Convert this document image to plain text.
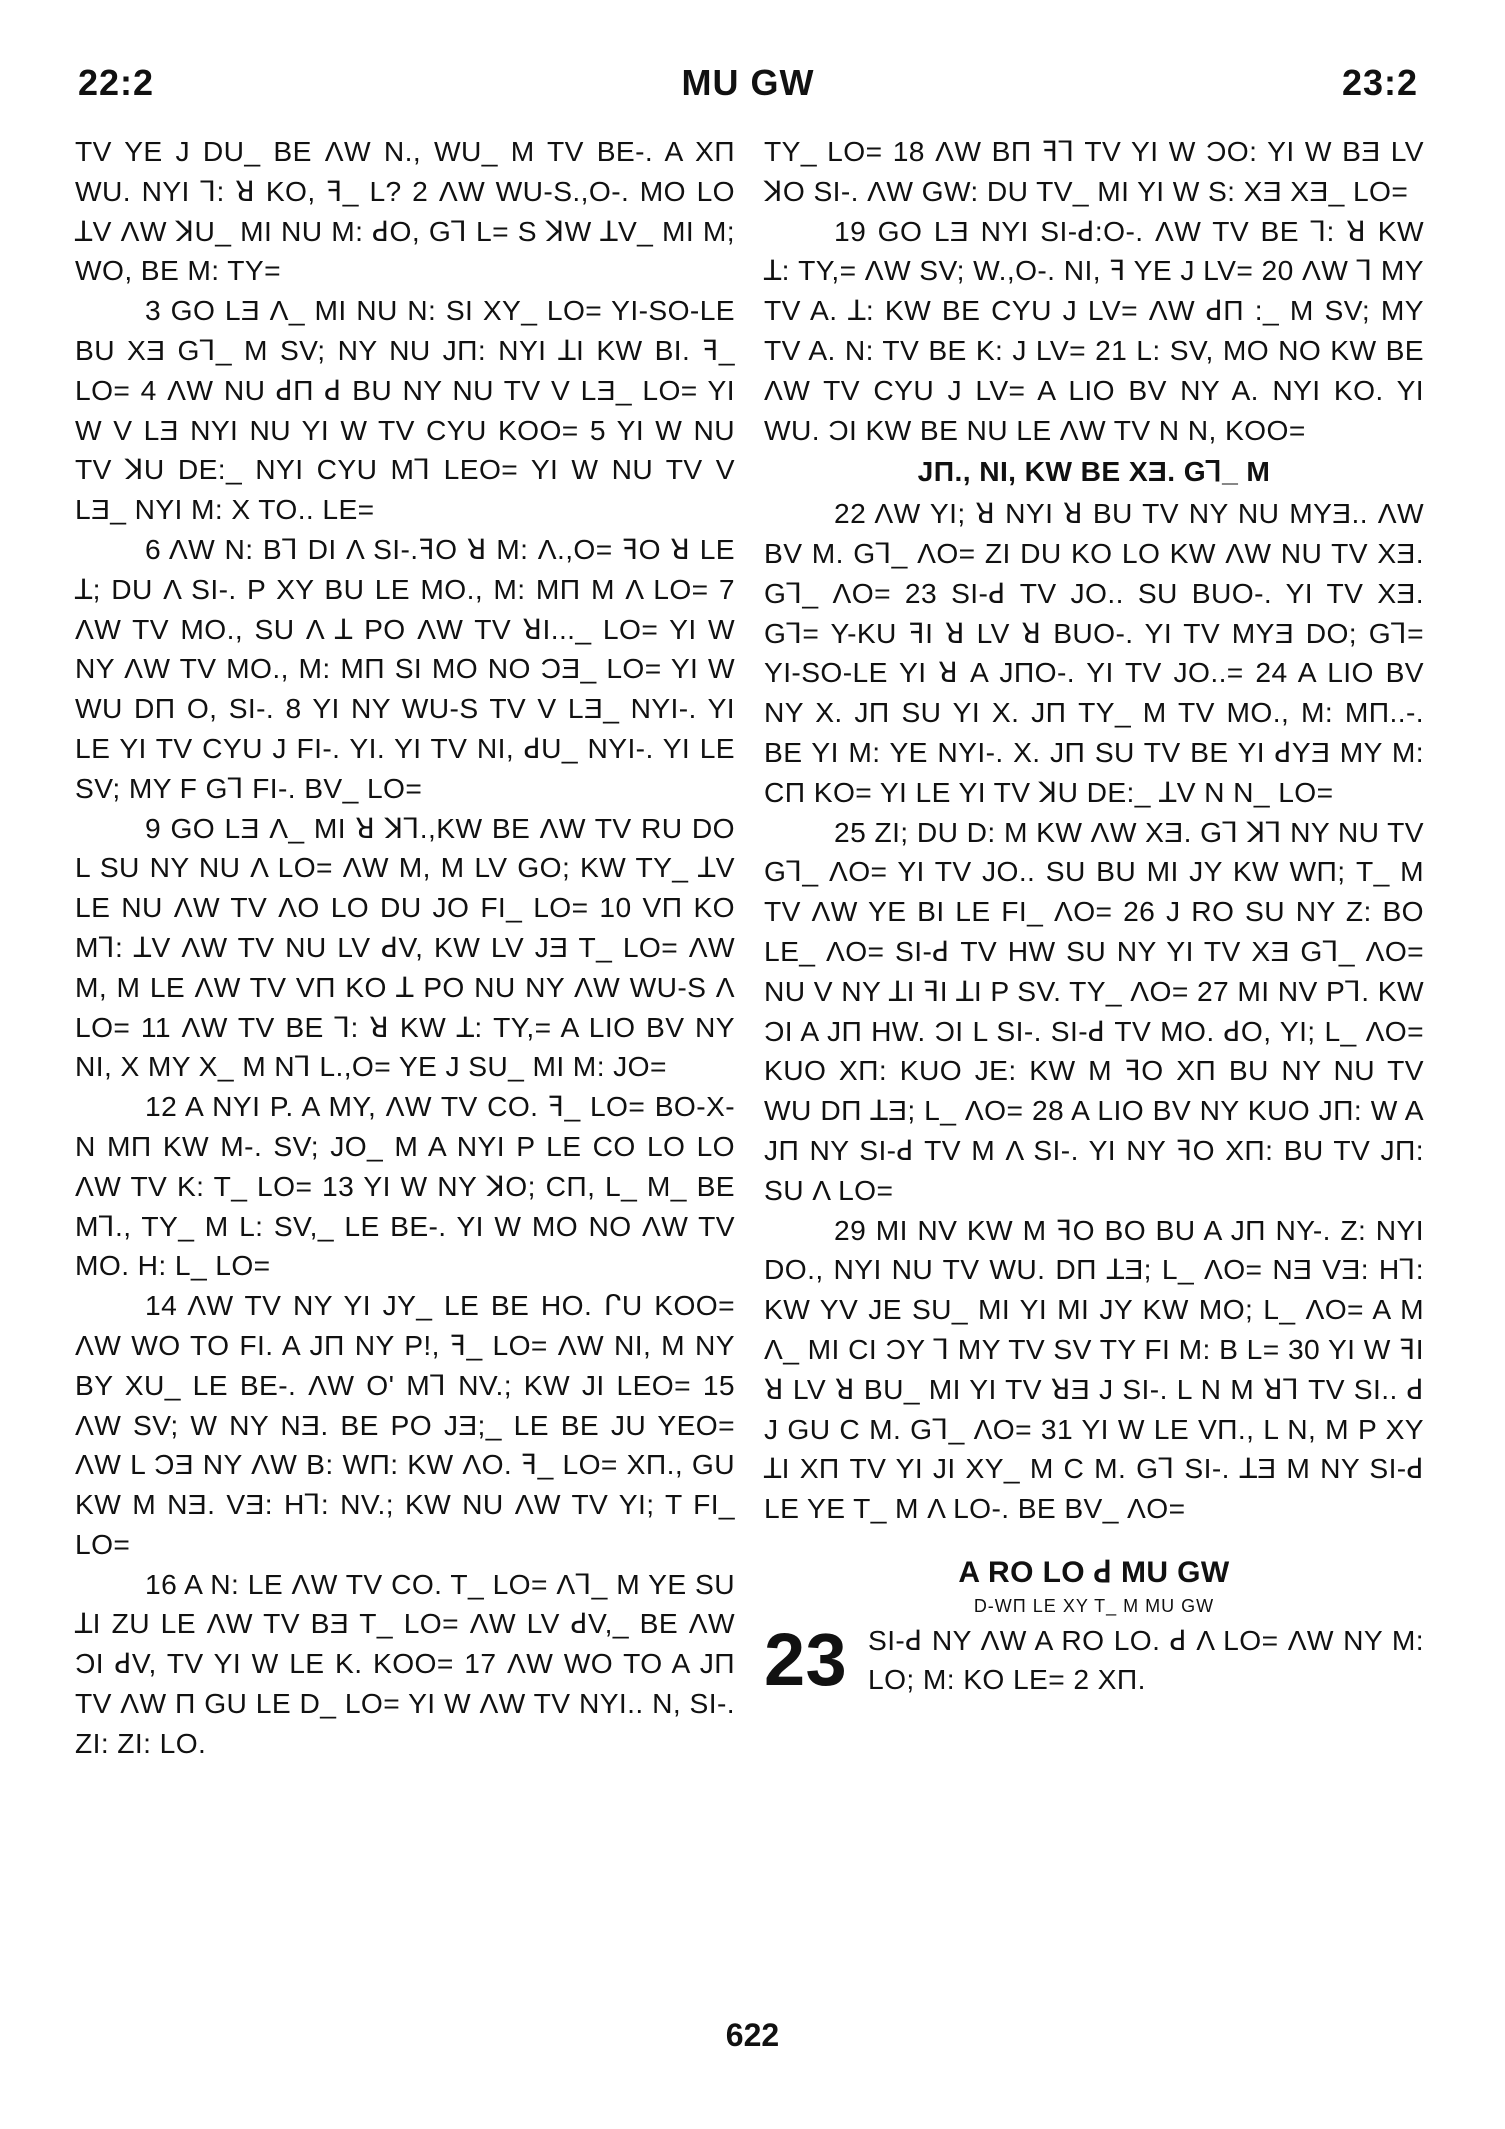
MU GW
22:2	23:2

TV YE J DU_ BE ΛW N., WU_ M TV BE-. A XΠ WU. NYI ⅂: ꓤ KO, ꟻ_ L? 2 ΛW WU-S.,O-. MO LO ꓕV ΛW ꓘU_ MI NU M: ꓒO, G⅂ L= S ꓘW ꓕV_ MI M; WO, BE M: TY=

3 GO LƎ Λ_ MI NU N: SI XY_ LO= YI-SO-LE BU XƎ G⅂_ M SV; NY NU JΠ: NYI ꓕI KW BI. ꟻ_ LO= 4 ΛW NU ꓒΠ ꓒ BU NY NU TV V LƎ_ LO= YI W V LƎ NYI NU YI W TV CYU KOO= 5 YI W NU TV ꓘU DE:_ NYI CYU M⅂ LEO= YI W NU TV V LƎ_ NYI M: X TO.. LE=

6 ΛW N: B⅂ DI Λ SI-.ꟻO ꓤ M: Λ.,O= ꟻO ꓤ LE ꓕ; DU Λ SI-. P XY BU LE MO., M: MΠ M Λ LO= 7 ΛW TV MO., SU Λ ꓕ PO ΛW TV ꓤI..._ LO= YI W NY ΛW TV MO., M: MΠ SI MO NO ƆƎ_ LO= YI W WU DΠ O, SI-. 8 YI NY WU-S TV V LƎ_ NYI-. YI LE YI TV CYU J FI-. YI. YI TV NI, ꓒU_ NYI-. YI LE SV; MY F G⅂ FI-. BV_ LO=

9 GO LƎ Λ_ MI ꓤ ꓘ⅂.,KW BE ΛW TV RU DO L SU NY NU Λ LO= ΛW M, M LV GO; KW TY_ ꓕV LE NU ΛW TV ΛO LO DU JO FI_ LO= 10 VΠ KO M⅂: ꓕV ΛW TV NU LV ꓒV, KW LV JƎ T_ LO= ΛW M, M LE ΛW TV VΠ KO ꓕ PO NU NY ΛW WU-S Λ LO= 11 ΛW TV BE ⅂: ꓤ KW ꓕ: TY,= A LIO BV NY NI, X MY X_ M N⅂ L.,O= YE J SU_ MI M: JO=

12 A NYI P. A MY, ΛW TV CO. ꟻ_ LO= BO-X-N MΠ KW M-. SV; JO_ M A NYI P LE CO LO LO ΛW TV K: T_ LO= 13 YI W NY ꓘO; CΠ, L_ M_ BE M⅂., TY_ M L: SV,_ LE BE-. YI W MO NO ΛW TV MO. H: L_ LO=

14 ΛW TV NY YI JY_ LE BE HO. ᒋU KOO= ΛW WO TO FI. A JΠ NY P!, ꟻ_ LO= ΛW NI, M NY BY XU_ LE BE-. ΛW O' M⅂ NV.; KW JI LEO= 15 ΛW SV; W NY NƎ. BE PO JƎ;_ LE BE JU YEO= ΛW L ƆƎ NY ΛW B: WΠ: KW ΛO. ꟻ_ LO= XΠ., GU KW M NƎ. VƎ: H⅂: NV.; KW NU ΛW TV YI; T FI_ LO=

16 A N: LE ΛW TV CO. T_ LO= Λ⅂_ M YE SU ꓕI ZU LE ΛW TV BƎ T_ LO= ΛW LV ꓒV,_ BE ΛW ƆI ꓒV, TV YI W LE K. KOO= 17 ΛW WO TO A JΠ TV ΛW Π GU LE D_ LO= YI W ΛW TV NYI.. N, SI-. ZI: ZI: LO.

TY_ LO= 18 ΛW BΠ ꟻ⅂ TV YI W ƆO: YI W BƎ LV ꓘO SI-. ΛW GW: DU TV_ MI YI W S: XƎ XƎ_ LO=

19 GO LƎ NYI SI-ꓒ:O-. ΛW TV BE ⅂: ꓤ KW ꓕ: TY,= ΛW SV; W.,O-. NI, ꟻ YE J LV= 20 ΛW ⅂ MY TV A. ꓕ: KW BE CYU J LV= ΛW ꓒΠ :_ M SV; MY TV A. N: TV BE K: J LV= 21 L: SV, MO NO KW BE ΛW TV CYU J LV= A LIO BV NY A. NYI KO. YI WU. ƆI KW BE NU LE ΛW TV N N, KOO=

JΠ., NI, KW BE XƎ. G⅂_ M

22 ΛW YI; ꓤ NYI ꓤ BU TV NY NU MYƎ.. ΛW BV M. G⅂_ ΛO= ZI DU KO LO KW ΛW NU TV XƎ. G⅂_ ΛO= 23 SI-ꓒ TV JO.. SU BUO-. YI TV XƎ. G⅂= Y-KU ꟻI ꓤ LV ꓤ BUO-. YI TV MYƎ DO; G⅂= YI-SO-LE YI ꓤ A JΠO-. YI TV JO..= 24 A LIO BV NY X. JΠ SU YI X. JΠ TY_ M TV MO., M: MΠ..-. BE YI M: YE NYI-. X. JΠ SU TV BE YI ꓒYƎ MY M: CΠ KO= YI LE YI TV ꓘU DE:_ ꓕV N N_ LO=

25 ZI; DU D: M KW ΛW XƎ. G⅂ ꓘ⅂ NY NU TV G⅂_ ΛO= YI TV JO.. SU BU MI JY KW WΠ; T_ M TV ΛW YE BI LE FI_ ΛO= 26 J RO SU NY Z: BO LE_ ΛO= SI-ꓒ TV HW SU NY YI TV XƎ G⅂_ ΛO= NU V NY ꓕI ꟻI ꓕI P SV. TY_ ΛO= 27 MI NV P⅂. KW ƆI A JΠ HW. ƆI L SI-. SI-ꓒ TV MO. ꓒO, YI; L_ ΛO= KUO XΠ: KUO JE: KW M ꟻO XΠ BU NY NU TV WU DΠ ꓕƎ; L_ ΛO= 28 A LIO BV NY KUO JΠ: W A JΠ NY SI-ꓒ TV M Λ SI-. YI NY ꟻO XΠ: BU TV JΠ: SU Λ LO=

29 MI NV KW M ꟻO BO BU A JΠ NY-. Z: NYI DO., NYI NU TV WU. DΠ ꓕƎ; L_ ΛO= NƎ VƎ: H⅂: KW YV JE SU_ MI YI MI JY KW MO; L_ ΛO= A M Λ_ MI CI ƆY ⅂ MY TV SV TY FI M: B L= 30 YI W ꟻI ꓤ LV ꓤ BU_ MI YI TV ꓤƎ J SI-. L N M ꓤ⅂ TV SI.. ꓒ J GU C M. G⅂_ ΛO= 31 YI W LE VΠ., L N, M P XY ꓕI XΠ TV YI JI XY_ M C M. G⅂ SI-. ꓕƎ M NY SI-ꓒ LE YE T_ M Λ LO-. BE BV_ ΛO=

A RO LO ꓒ MU GW
D-WΠ LE XY T_ M MU GW
23 SI-ꓒ NY ΛW A RO LO. ꓒ Λ LO= ΛW NY M: LO; M: KO LE= 2 XΠ.

622
